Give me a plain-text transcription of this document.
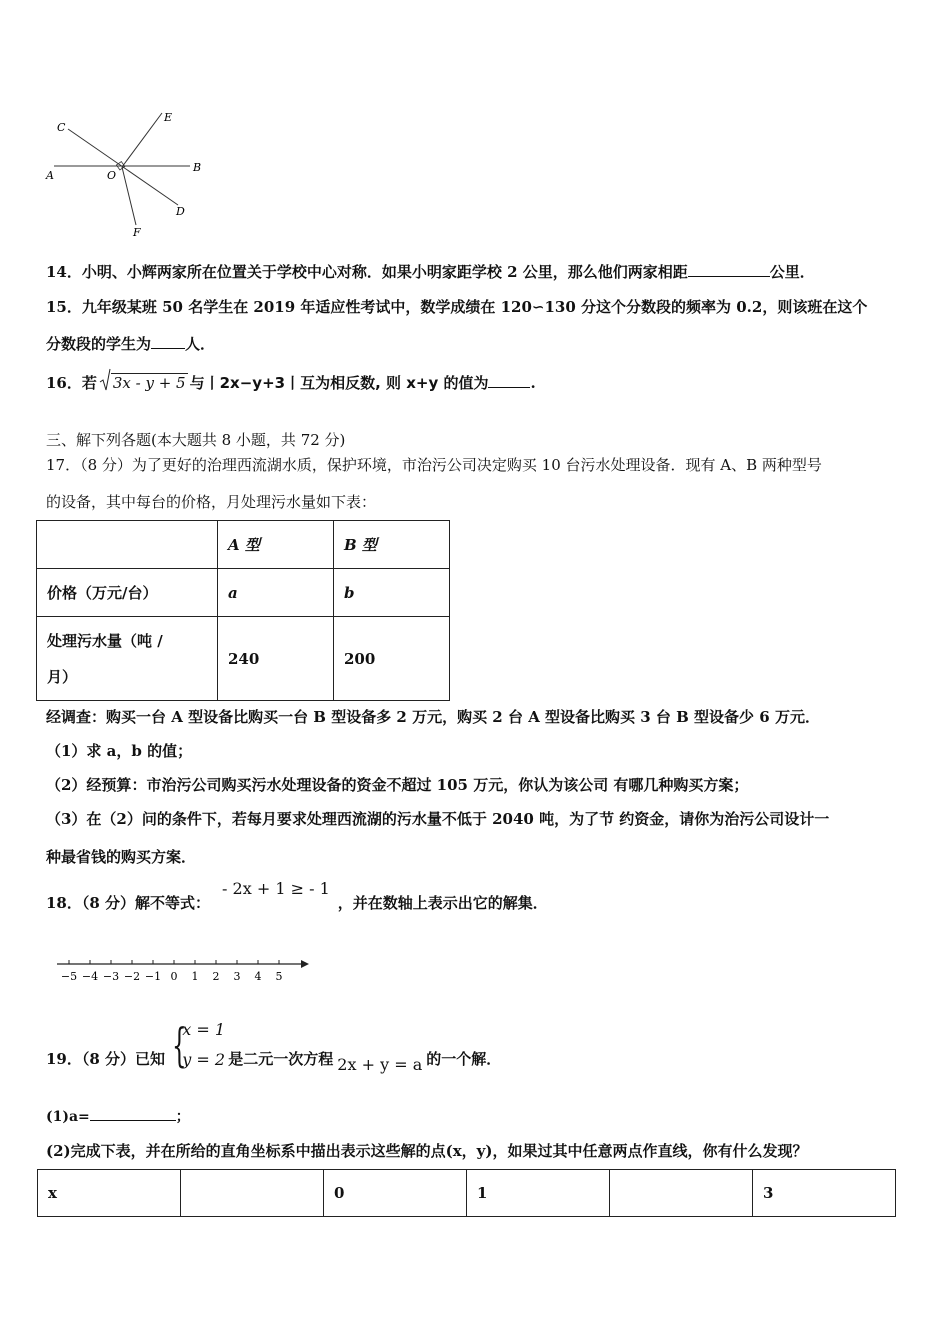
C
E
A	O
B
D
F
14．小明、小辉两家所在位置关于学校中心对称．如果小明家距学校 2 公里，那么他们两家相距	公里．
15．九年级某班 50 名学生在 2019 年适应性考试中，数学成绩在 120∽130 分这个分数段的频率为 0.2，则该班在这个
分数段的学生为 人．
16．若 3x - y + 5 与丨2x−y+3丨互为相反数, 则 x+y 的值为	.
三、解下列各题(本大题共 8 小题，共 72 分)
17．（8 分）为了更好的治理西流湖水质，保护环境，市治污公司决定购买 10 台污水处理设备．现有 A、B 两种型号
的设备，其中每台的价格，月处理污水量如下表：
	A 型	B 型
价格（万元/台）	a	b

处理污水量（吨 /
月）	240	200
经调查：购买一台 A 型设备比购买一台 B 型设备多 2 万元，购买 2 台 A 型设备比购买 3 台 B 型设备少 6 万元．
（1）求 a，b 的值；
（2）经预算：市治污公司购买污水处理设备的资金不超过 105 万元，你认为该公司 有哪几种购买方案；
（3）在（2）问的条件下，若每月要求处理西流湖的污水量不低于 2040 吨，为了节 约资金，请你为治污公司设计一
种最省钱的购买方案．
18．（8 分）解不等式：- 2x + 1 ≥ - 1，并在数轴上表示出它的解集．
−5 −4 −3 −2 −1 0 1 2 3 4 5
19．（8 分）已知 {
x = 1
y = 2 是二元一次方程 2x + y = a 的一个解．
(1)a=	；
(2)完成下表，并在所给的直角坐标系中描出表示这些解的点(x，y)，如果过其中任意两点作直线，你有什么发现？
x		0	1		3
